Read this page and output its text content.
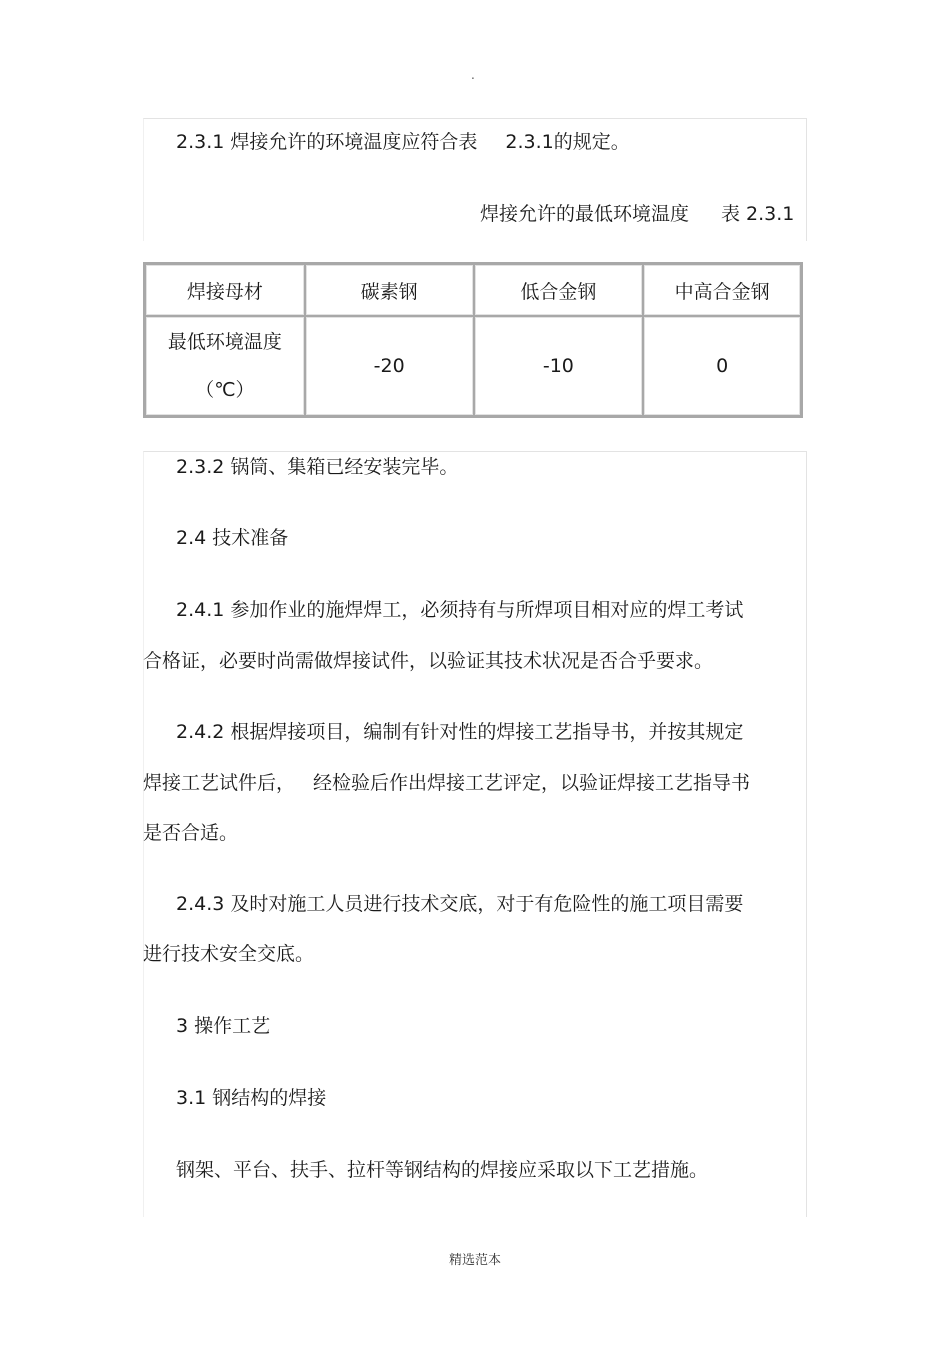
.
2.3.1 焊接允许的环境温度应符合表 2.3.1的规定。
焊接允许的最低环境温度 表 2.3.1
焊接母材	碳素钢	低合金钢	中高合金钢

最低环境温度
（℃）	-20	-10	0
2.3.2 锅筒、集箱已经安装完毕。
2.4 技术准备
2.4.1 参加作业的施焊焊工，必须持有与所焊项目相对应的焊工考试
合格证，必要时尚需做焊接试件，以验证其技术状况是否合乎要求。
2.4.2 根据焊接项目，编制有针对性的焊接工艺指导书，并按其规定
焊接工艺试件后， 经检验后作出焊接工艺评定，以验证焊接工艺指导书
是否合适。
2.4.3 及时对施工人员进行技术交底，对于有危险性的施工项目需要
进行技术安全交底。
3 操作工艺
3.1 钢结构的焊接
钢架、平台、扶手、拉杆等钢结构的焊接应采取以下工艺措施。
精选范本
